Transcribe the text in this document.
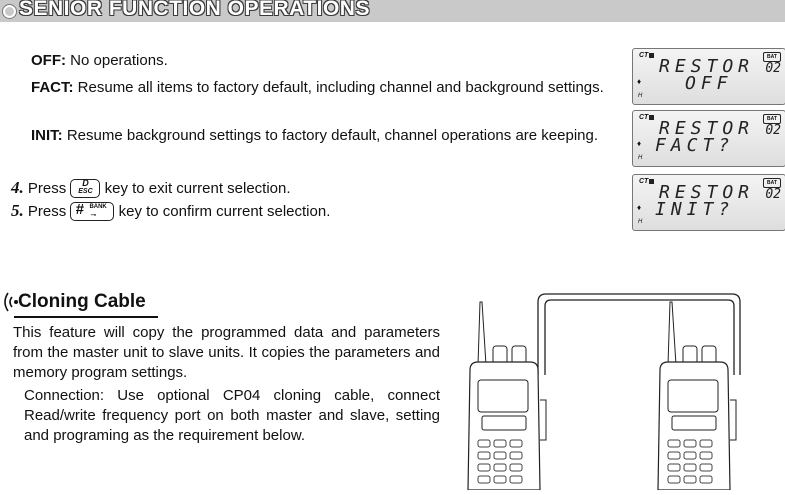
SENIOR FUNCTION OPERATIONS
OFF: No operations.
FACT: Resume all items to factory default, including channel and background settings.
INIT: Resume background settings to factory default, channel operations are keeping.
4. Press	D
ESC key to exit current selection.
5. Press # BANK
⊸ key to confirm current selection.
CT	BAT
RESTOR
OFF
02
♦
H
CT	BAT
RESTOR
FACT?
02
♦
H
CT	BAT
RESTOR
INIT?
02
♦
H
Cloning Cable
This feature will copy the programmed data and parameters from the master unit to slave units. It copies the parameters and memory program settings.
Connection: Use optional CP04 cloning cable, connect Read/write frequency port on both master and slave, setting and programing as the requirement below.
